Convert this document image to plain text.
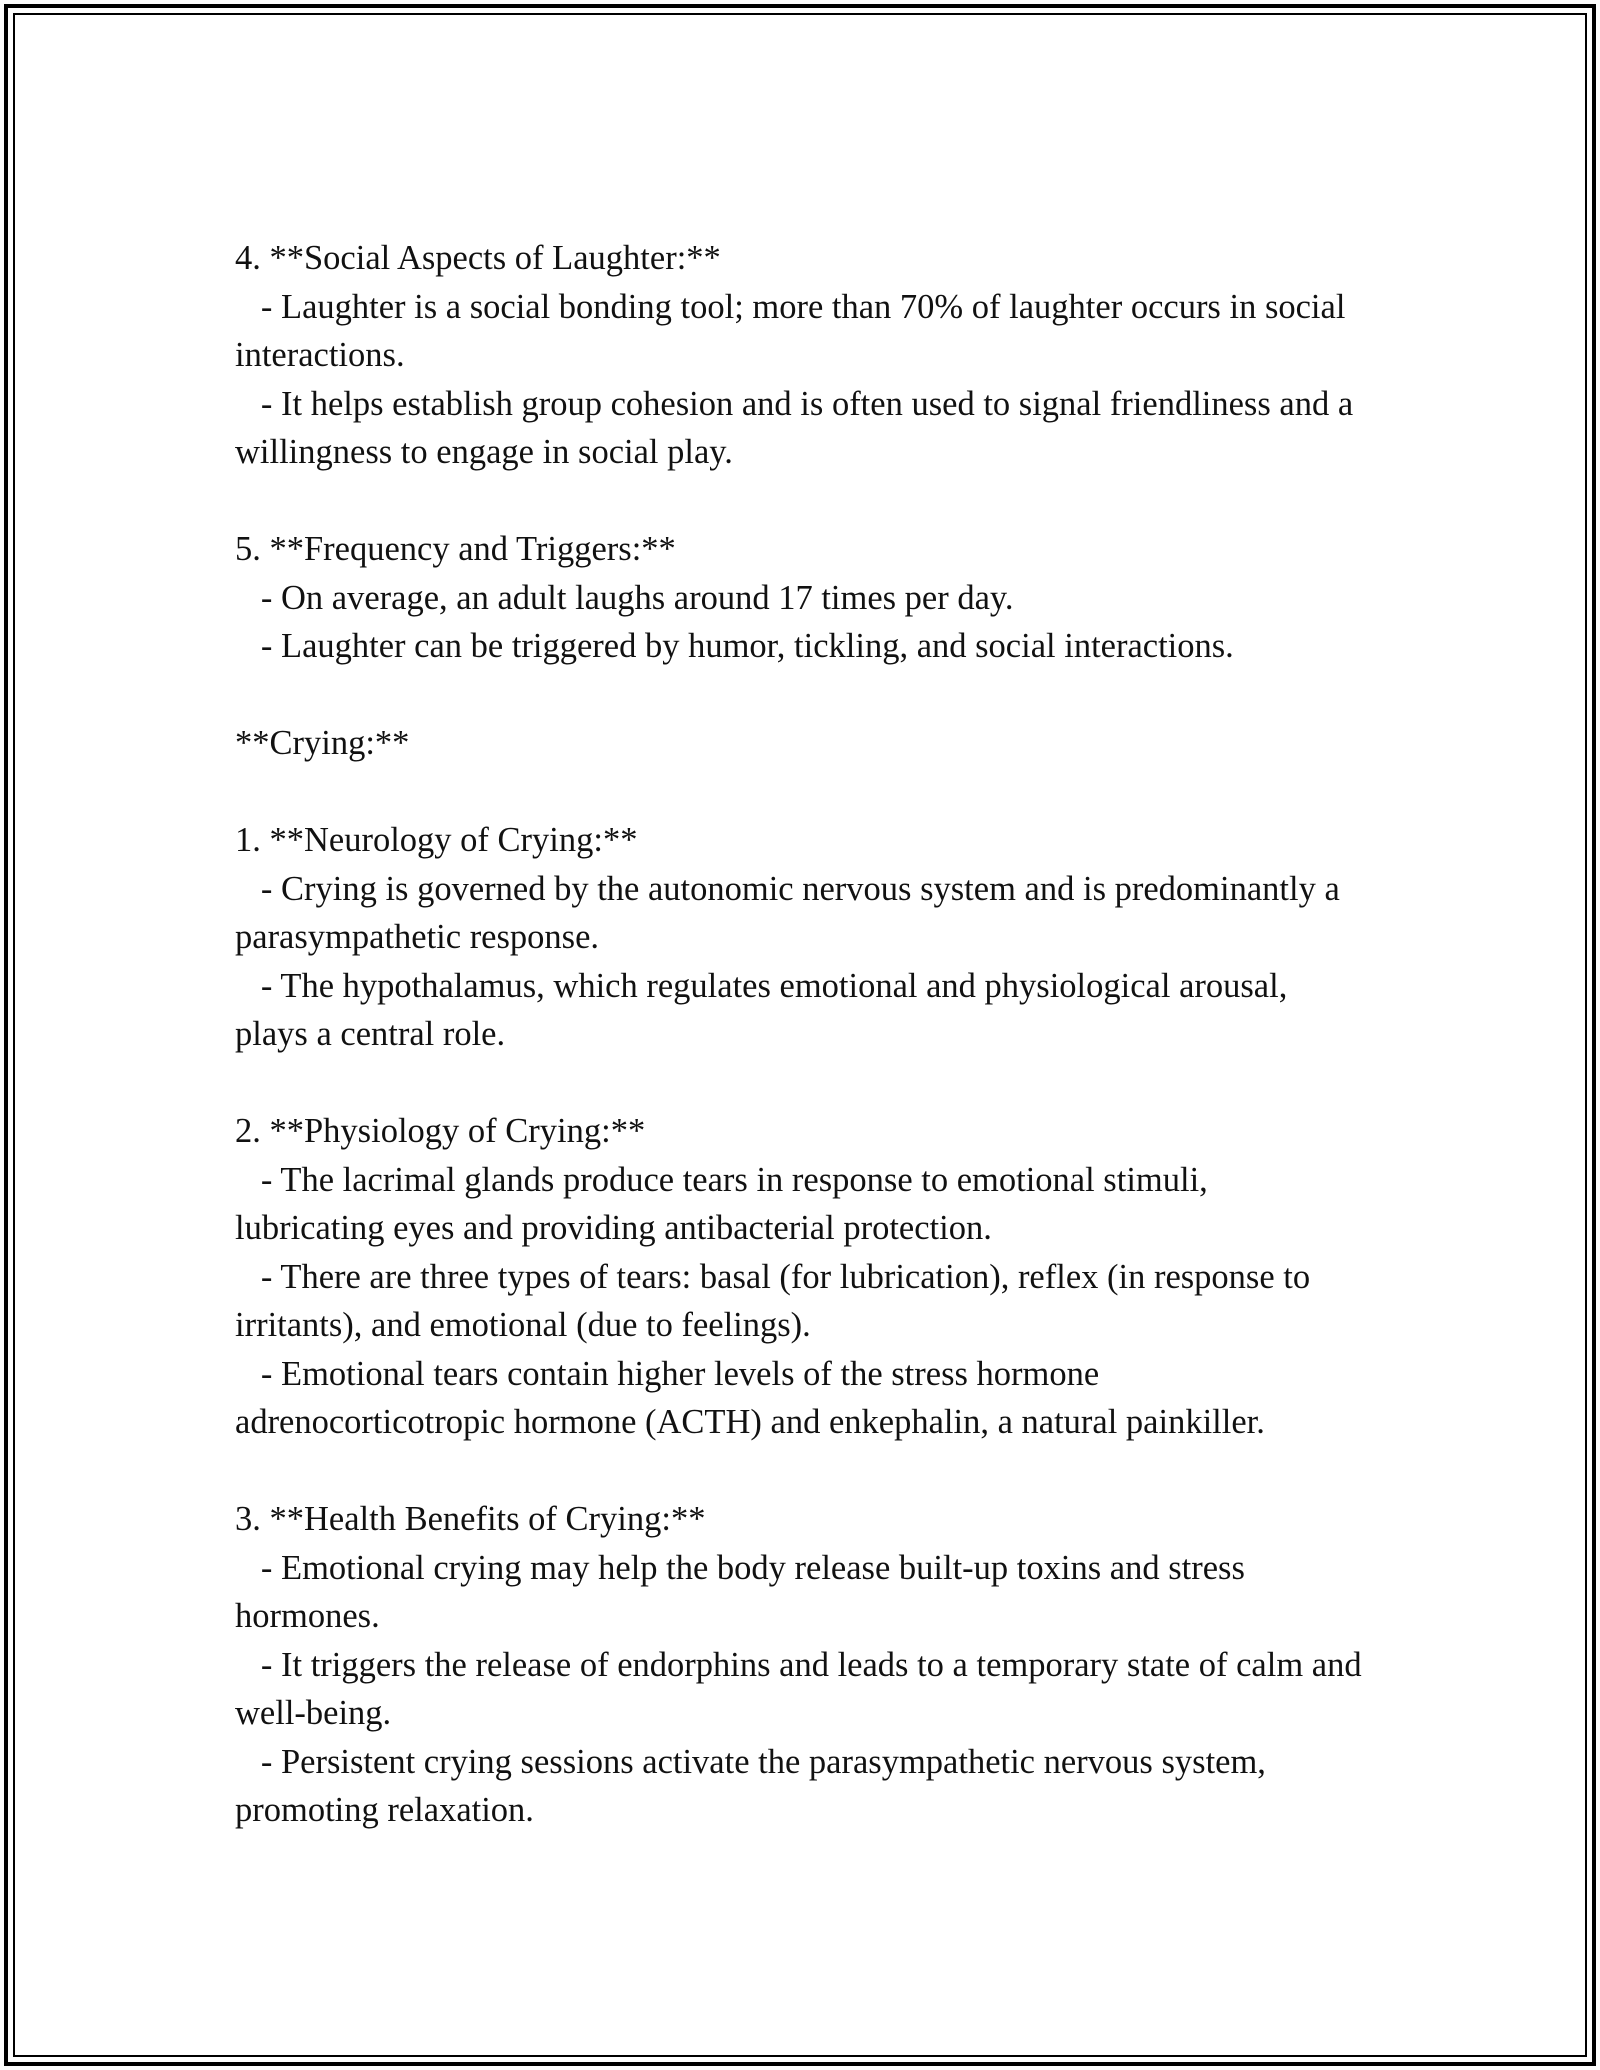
4. **Social Aspects of Laughter:**

- Laughter is a social bonding tool; more than 70% of laughter occurs in social interactions.

- It helps establish group cohesion and is often used to signal friendliness and a willingness to engage in social play.

5. **Frequency and Triggers:**

- On average, an adult laughs around 17 times per day.

- Laughter can be triggered by humor, tickling, and social interactions.

**Crying:**

1. **Neurology of Crying:**

- Crying is governed by the autonomic nervous system and is predominantly a parasympathetic response.

- The hypothalamus, which regulates emotional and physiological arousal, plays a central role.

2. **Physiology of Crying:**

- The lacrimal glands produce tears in response to emotional stimuli, lubricating eyes and providing antibacterial protection.

- There are three types of tears: basal (for lubrication), reflex (in response to irritants), and emotional (due to feelings).

- Emotional tears contain higher levels of the stress hormone adrenocorticotropic hormone (ACTH) and enkephalin, a natural painkiller.

3. **Health Benefits of Crying:**

- Emotional crying may help the body release built-up toxins and stress hormones.

- It triggers the release of endorphins and leads to a temporary state of calm and well-being.

- Persistent crying sessions activate the parasympathetic nervous system, promoting relaxation.
